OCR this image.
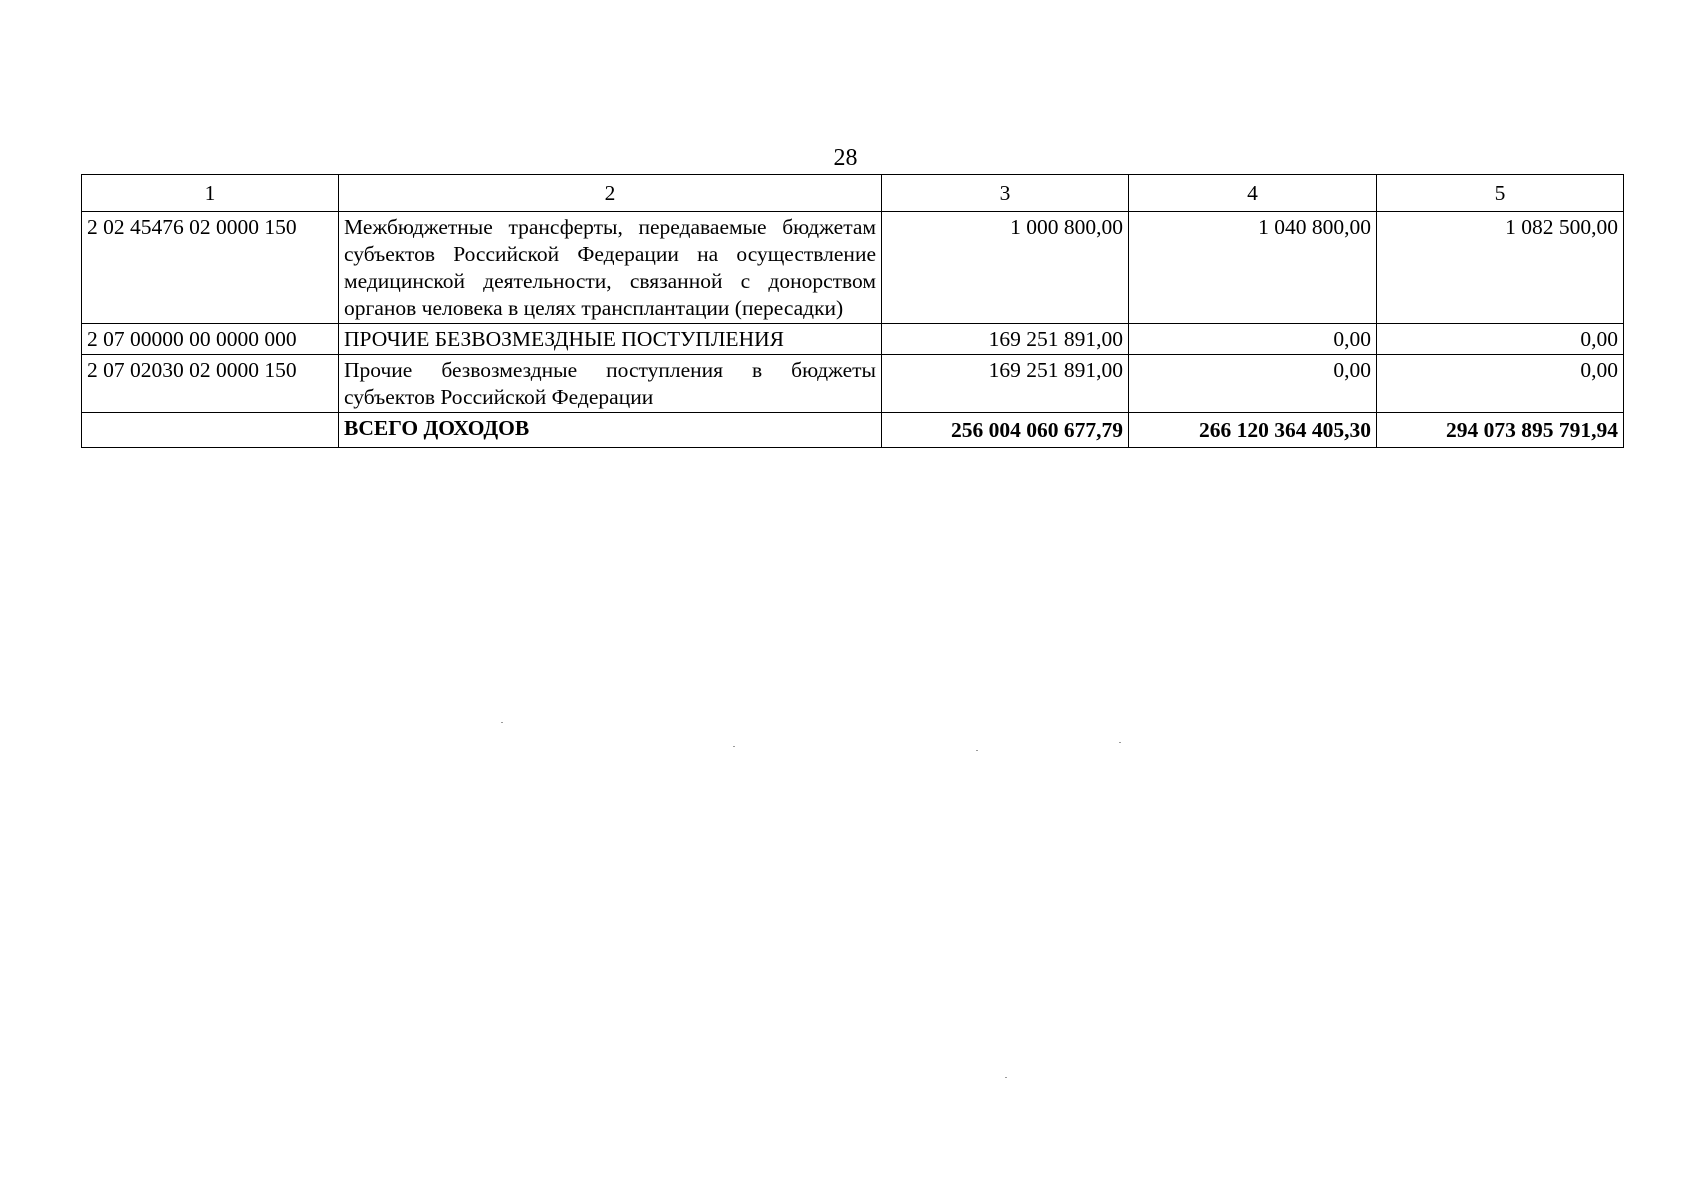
28
1	2	3	4	5
2 02 45476 02 0000 150	Межбюджетные трансферты, передаваемые бюджетам субъектов Российской Федерации на осуществление медицинской деятельности, связанной с донорством органов человека в целях трансплантации (пересадки)	1 000 800,00	1 040 800,00	1 082 500,00
2 07 00000 00 0000 000	ПРОЧИЕ БЕЗВОЗМЕЗДНЫЕ ПОСТУПЛЕНИЯ	169 251 891,00	0,00	0,00
2 07 02030 02 0000 150	Прочие безвозмездные поступления в бюджеты субъектов Российской Федерации	169 251 891,00	0,00	0,00
	ВСЕГО ДОХОДОВ	256 004 060 677,79	266 120 364 405,30	294 073 895 791,94
